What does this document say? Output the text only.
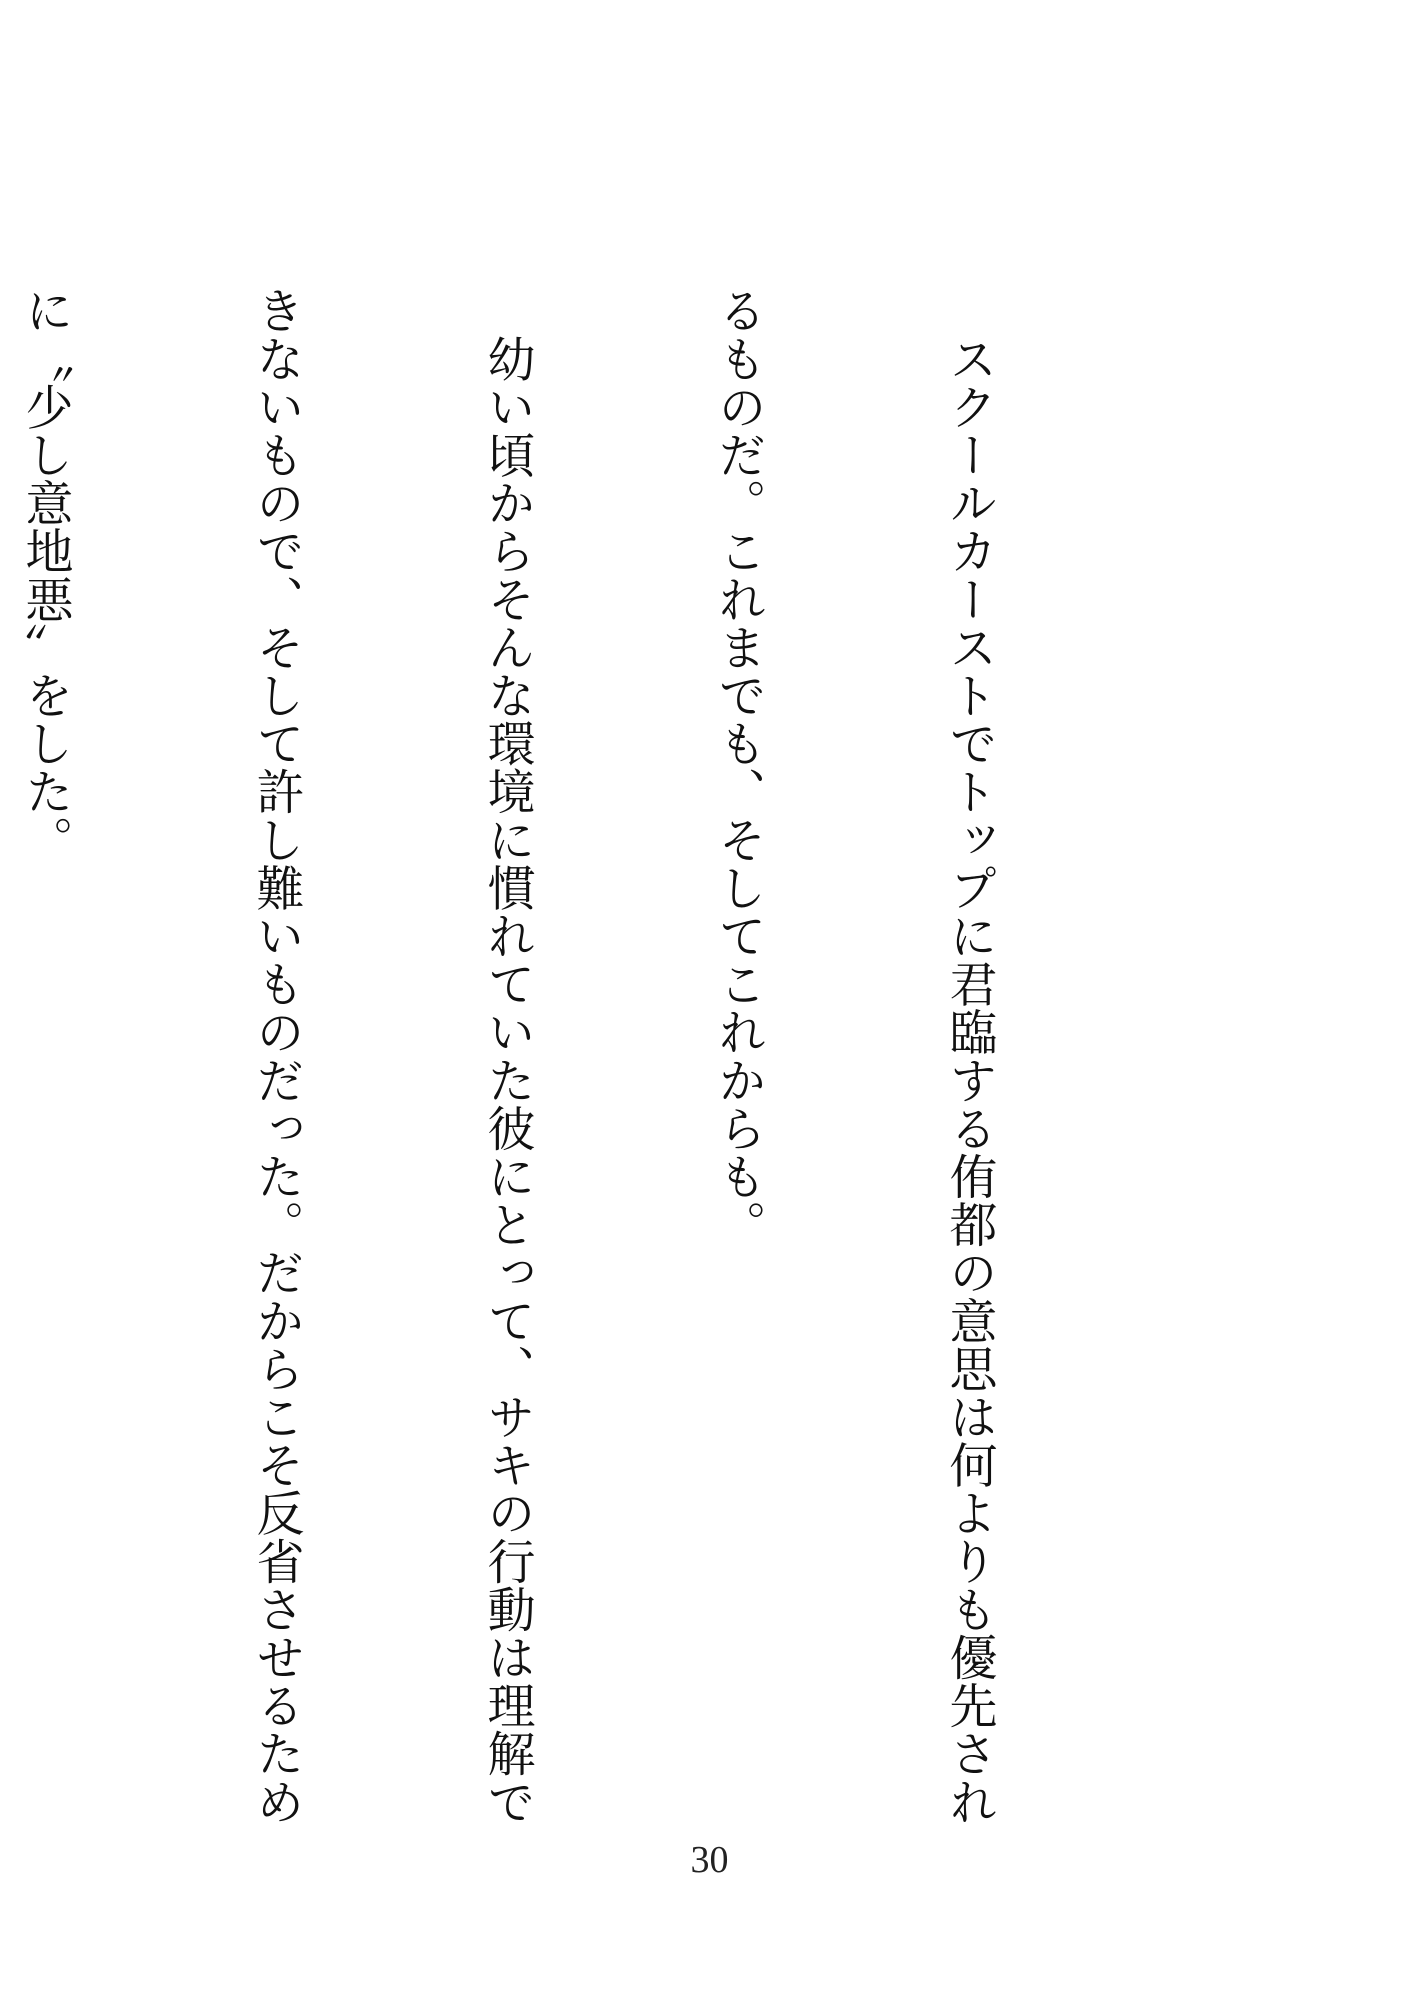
　スクールカーストでトップに君臨する侑都の意思は何よりも優先され

るものだ。これまでも、そしてこれからも。

　幼い頃からそんな環境に慣れていた彼にとって、サキの行動は理解で

きないもので、そして許し難いものだった。だからこそ反省させるため

に〝少し意地悪〟をした。

30
